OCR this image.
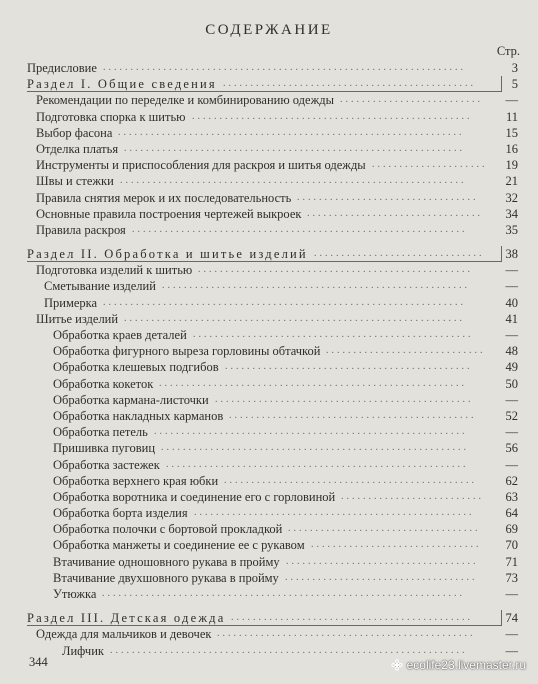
СОДЕРЖАНИЕ
Стр.
Предисловие ..................................................................	3
Раздел I. Общие сведения ..............................................	5
Рекомендации по переделке и комбинированию одежды ..........................	—
Подготовка спорка к шитью ...................................................	11
Выбор фасона ...............................................................	15
Отделка платья ..............................................................	16
Инструменты и приспособления для раскроя и шитья одежды .....................	19
Швы и стежки ...............................................................	21
Правила снятия мерок и их последовательность .................................	32
Основные правила построения чертежей выкроек ................................	34
Правила раскроя .............................................................	35
Раздел II. Обработка и шитье изделий ...............................	38
Подготовка изделий к шитью ..................................................	—
Сметывание изделий ........................................................	—
Примерка ..................................................................	40
Шитье изделий ..............................................................	41
Обработка краев деталей ...................................................	—
Обработка фигурного выреза горловины обтачкой .............................	48
Обработка клешевых подгибов .............................................	49
Обработка кокеток ........................................................	50
Обработка кармана-листочки ...............................................	—
Обработка накладных карманов .............................................	52
Обработка петель .........................................................	—
Пришивка пуговиц ........................................................	56
Обработка застежек .......................................................	—
Обработка верхнего края юбки ..............................................	62
Обработка воротника и соединение его с горловиной ..........................	63
Обработка борта изделия ...................................................	64
Обработка полочки с бортовой прокладкой ...................................	69
Обработка манжеты и соединение ее с рукавом ...............................	70
Втачивание одношовного рукава в пройму ...................................	71
Втачивание двухшовного рукава в пройму ...................................	73
Утюжка ..................................................................	—
Раздел III. Детская одежда ............................................	74
Одежда для мальчиков и девочек ...............................................	—
Лифчик .................................................................	—
344	ecolife23.livemaster.ru
